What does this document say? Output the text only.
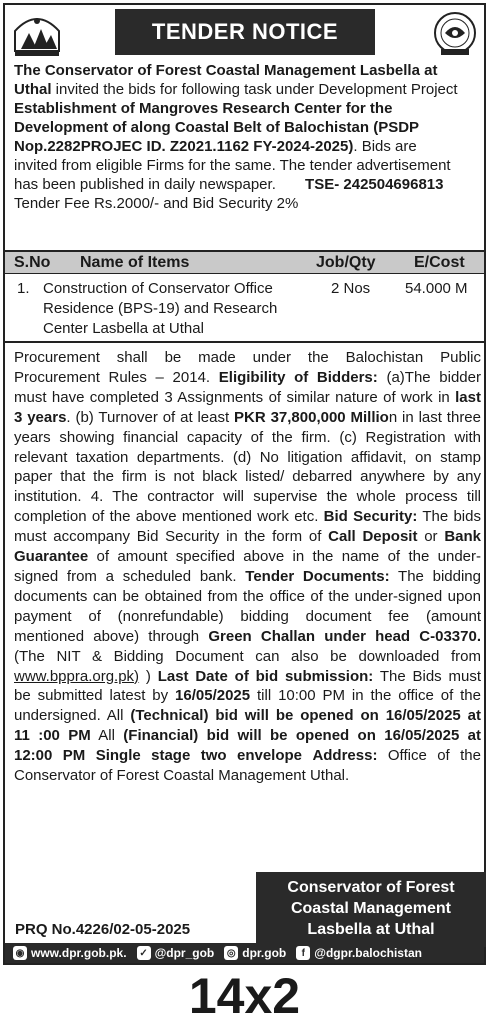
TENDER NOTICE
The Conservator of Forest Coastal Management Lasbella at
Uthal invited the bids for following task under Development Project
Establishment of Mangroves Research Center for the
Development of along Coastal Belt of Balochistan (PSDP
Nop.2282PROJEC ID. Z2021.1162 FY-2024-2025). Bids are
invited from eligible Firms for the same. The tender advertisement
has been published in daily newspaper. TSE- 242504696813
Tender Fee Rs.2000/- and Bid Security 2%
S.No Name of Items	Job/Qty E/Cost
1. Construction of Conservator Office
Residence (BPS-19) and Research
Center Lasbella at Uthal
2 Nos 54.000 M
Procurement shall be made under the Balochistan Public
Procurement Rules – 2014. Eligibility of Bidders: (a)The bidder
must have completed 3 Assignments of similar nature of work in last
3 years. (b) Turnover of at least PKR 37,800,000 Million in last three
years showing financial capacity of the firm. (c) Registration with
relevant taxation departments. (d) No litigation affidavit, on stamp
paper that the firm is not black listed/ debarred anywhere by any
institution. 4. The contractor will supervise the whole process till
completion of the above mentioned work etc. Bid Security: The bids
must accompany Bid Security in the form of Call Deposit or Bank
Guarantee of amount specified above in the name of the under-
signed from a scheduled bank. Tender Documents: The bidding
documents can be obtained from the office of the under-signed upon
payment of (nonrefundable) bidding document fee (amount
mentioned above) through Green Challan under head C-03370.
(The NIT & Bidding Document can also be downloaded from
www.bppra.org.pk) ) Last Date of bid submission: The Bids must
be submitted latest by 16/05/2025 till 10:00 PM in the office of the
undersigned. All (Technical) bid will be opened on 16/05/2025 at
11 :00 PM All (Financial) bid will be opened on 16/05/2025 at
12:00 PM Single stage two envelope Address: Office of the
Conservator of Forest Coastal Management Uthal.
PRQ No.4226/02-05-2025
Conservator of Forest
Coastal Management
Lasbella at Uthal
◉ www.dpr.gob.pk. ✓ @dpr_gob ◎ dpr.gob	f @dgpr.balochistan
14x2
